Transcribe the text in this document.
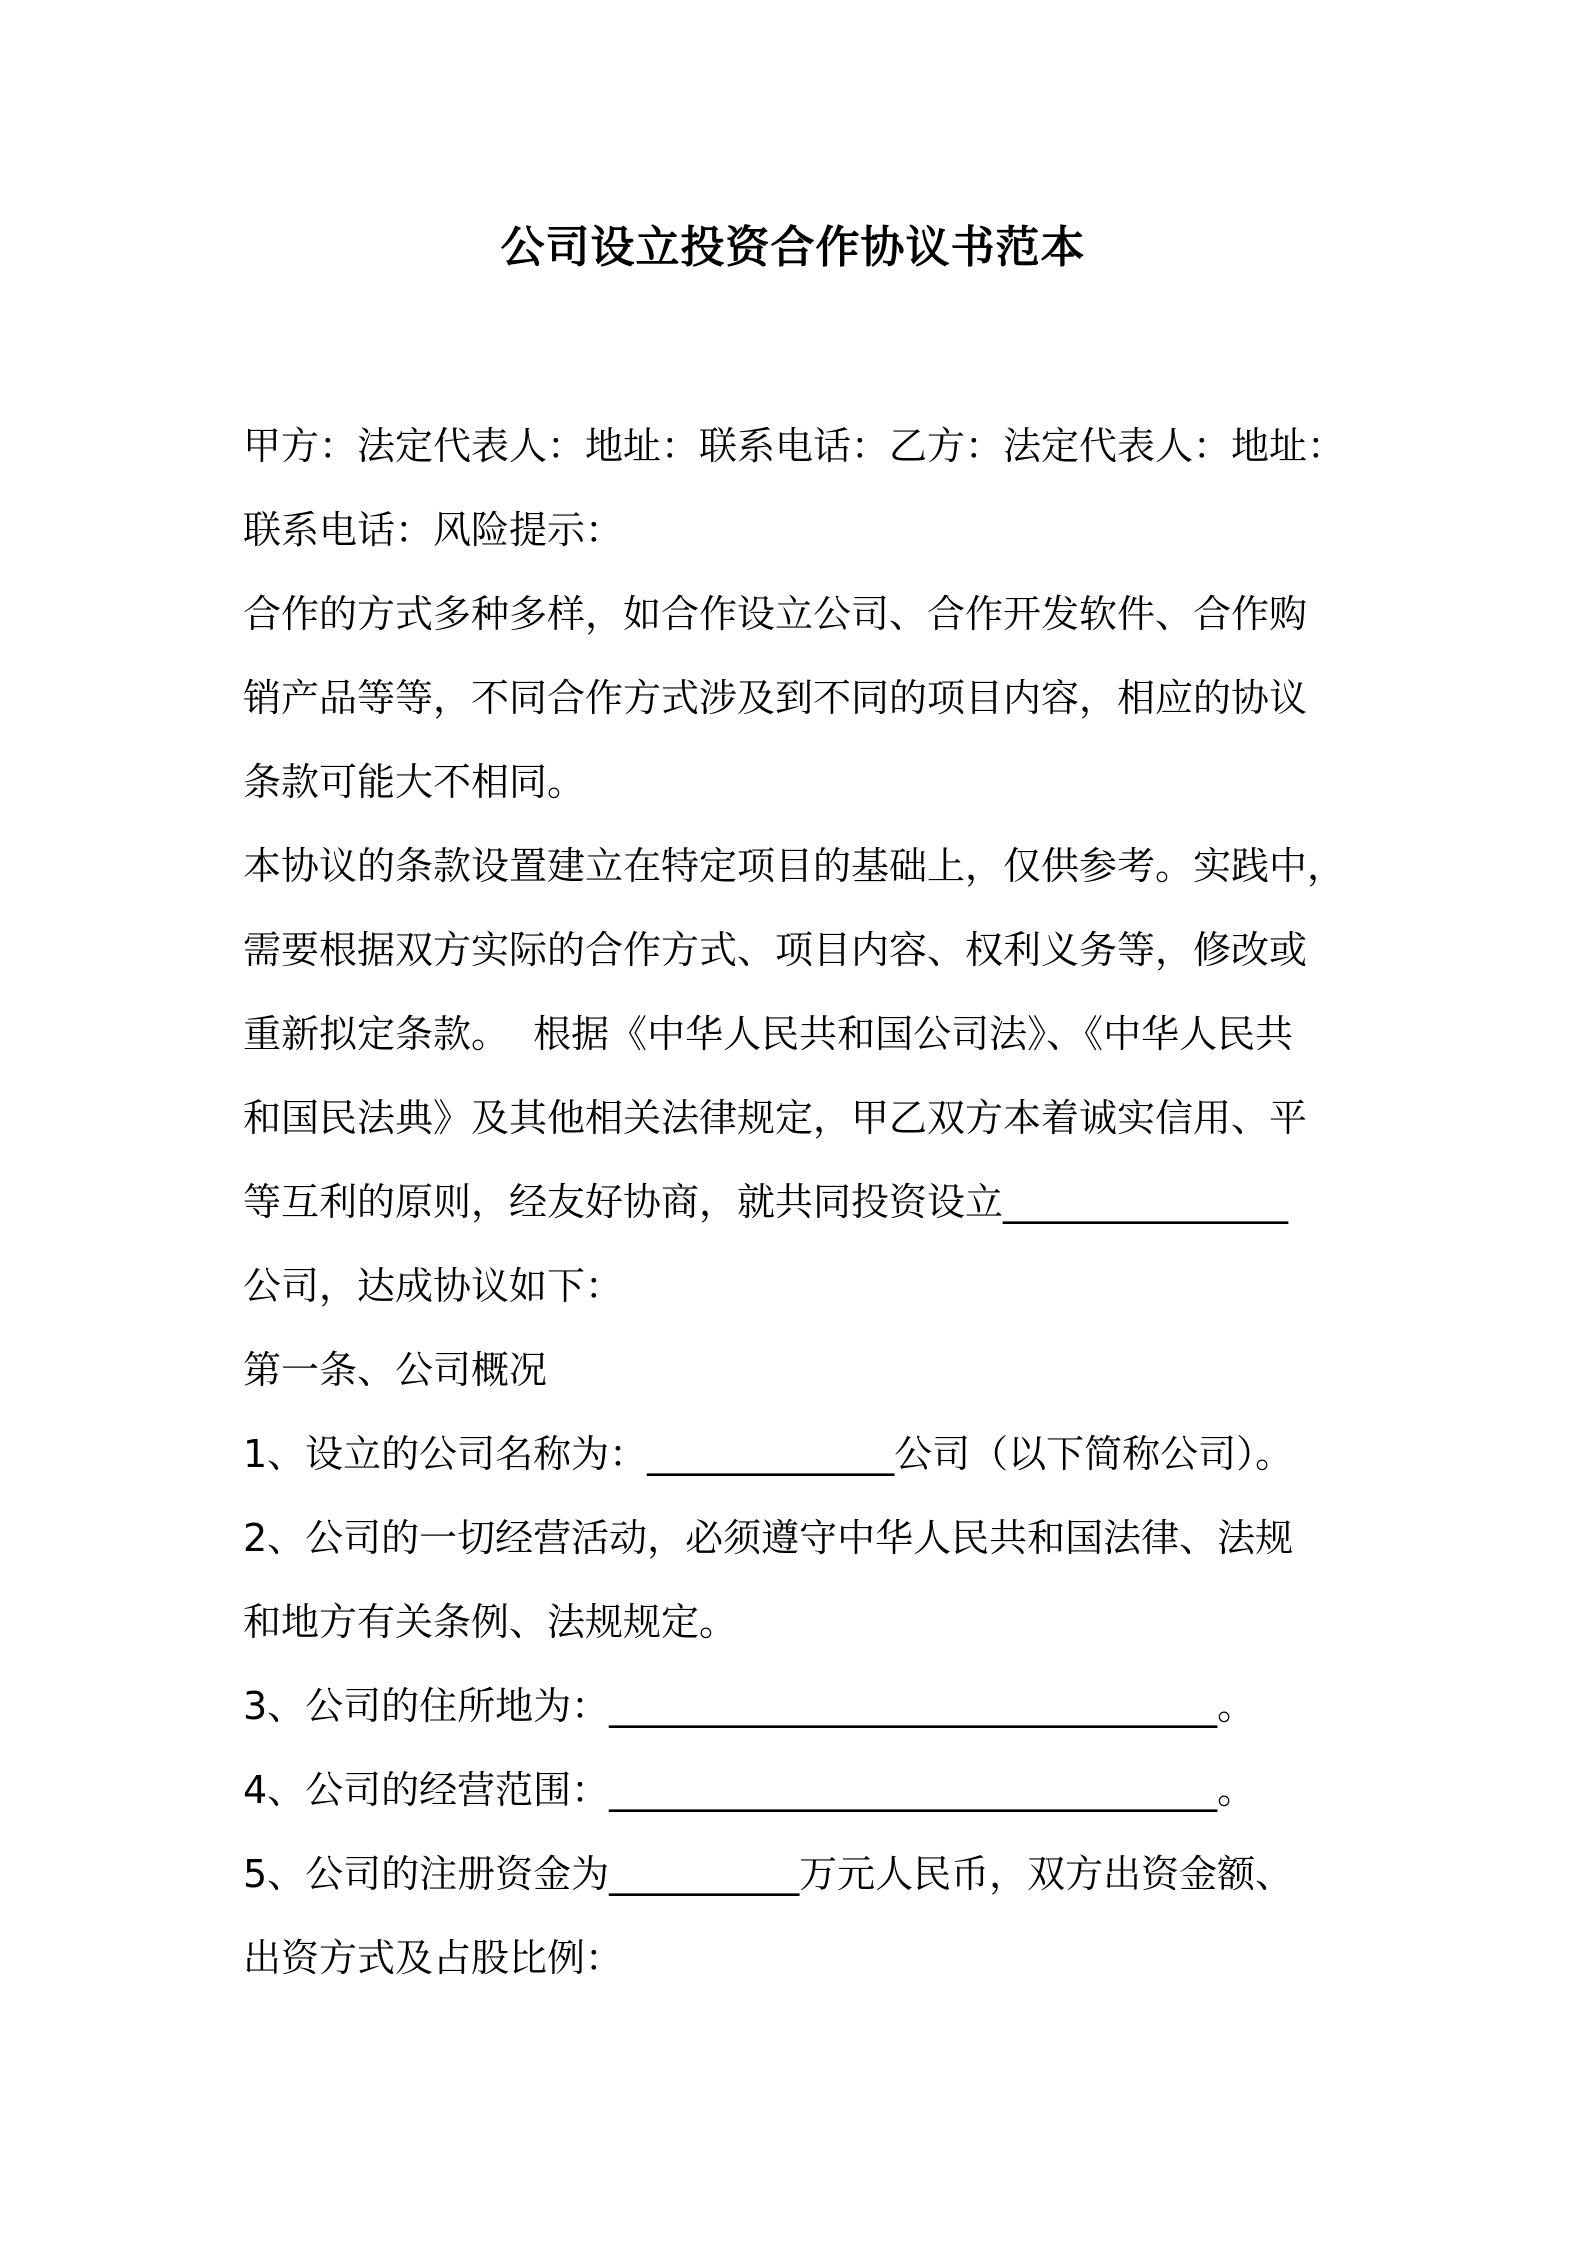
公司设立投资合作协议书范本
甲方：法定代表人：地址：联系电话：乙方：法定代表人：地址：
联系电话：风险提示：
合作的方式多种多样，如合作设立公司、合作开发软件、合作购
销产品等等，不同合作方式涉及到不同的项目内容，相应的协议
条款可能大不相同。
本协议的条款设置建立在特定项目的基础上，仅供参考。实践中，
需要根据双方实际的合作方式、项目内容、权利义务等，修改或
重新拟定条款。  根据《中华人民共和国公司法》、《中华人民共
和国民法典》及其他相关法律规定，甲乙双方本着诚实信用、平
等互利的原则，经友好协商，就共同投资设立_______________
公司，达成协议如下：
第一条、公司概况
1、设立的公司名称为：_____________公司（以下简称公司）。
2、公司的一切经营活动，必须遵守中华人民共和国法律、法规
和地方有关条例、法规规定。
3、公司的住所地为：________________________________。
4、公司的经营范围：________________________________。
5、公司的注册资金为__________万元人民币，双方出资金额、
出资方式及占股比例：
